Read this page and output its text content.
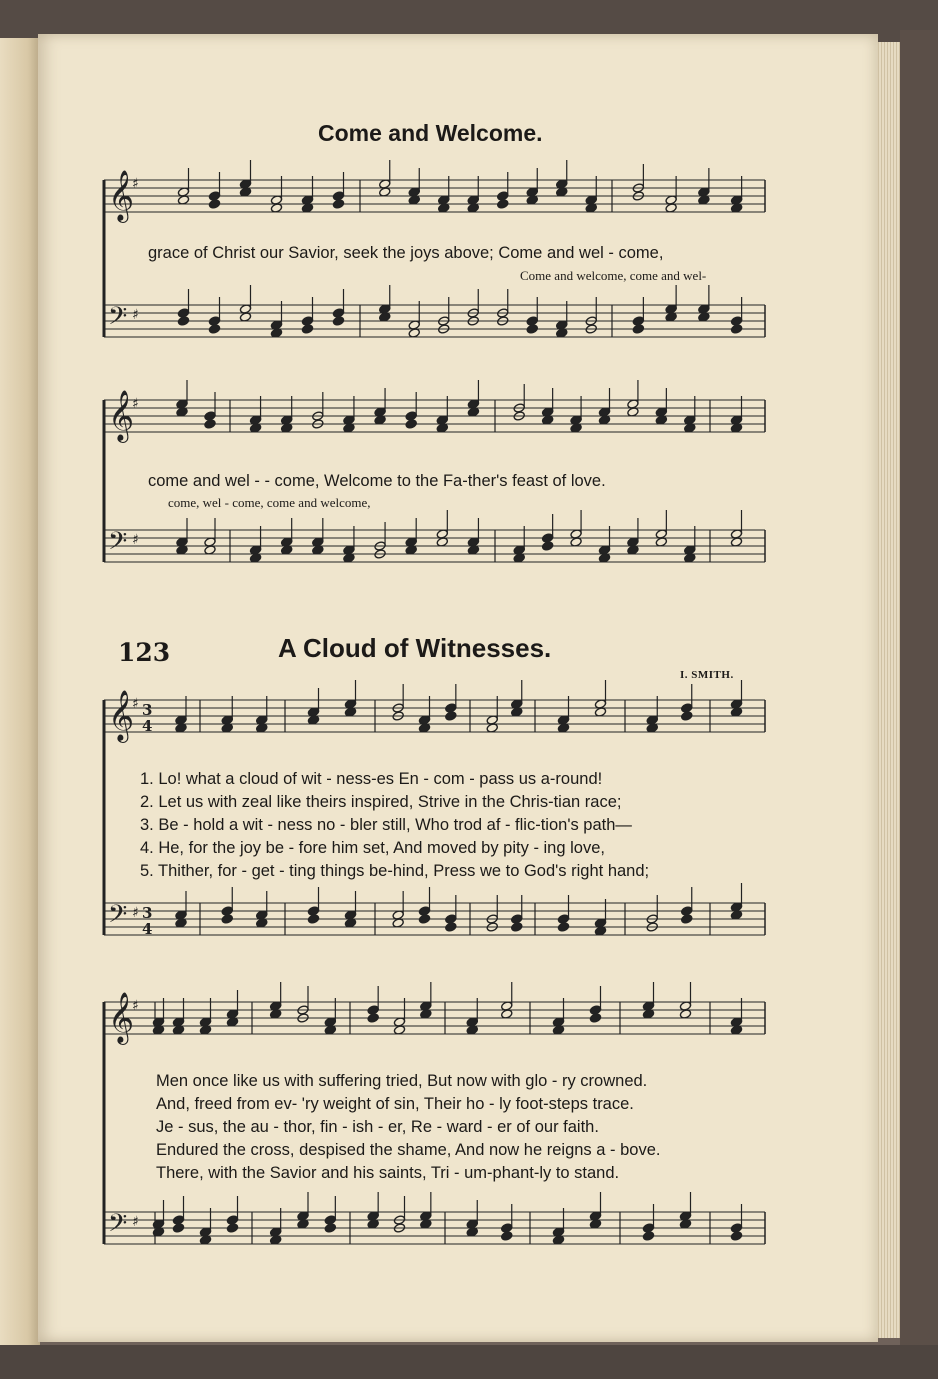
Come and Welcome.
𝄞
♯
𝄢 ♯
grace of Christ our Savior, seek the joys above; Come and wel - come,
Come and welcome, come and wel-
𝄞
♯
𝄢 ♯
come and wel - - come, Welcome to the Fa-ther's feast of love.
come, wel - come, come and welcome,
123	A Cloud of Witnesses.
I. SMITH.
𝄞
♯ 3
4
𝄢 ♯ 3
4
1. Lo! what a cloud of wit - ness-es En - com - pass us a-round!
2. Let us with zeal like theirs inspired, Strive in the Chris-tian race;
3. Be - hold a wit - ness no - bler still, Who trod af - flic-tion's path—
4. He, for the joy be - fore him set, And moved by pity - ing love,
5. Thither, for - get - ting things be-hind, Press we to God's right hand;
𝄞
♯
𝄢 ♯
Men once like us with suffering tried, But now with glo - ry crowned.
And, freed from ev- 'ry weight of sin, Their ho - ly foot-steps trace.
Je - sus, the au - thor, fin - ish - er, Re - ward - er of our faith.
Endured the cross, despised the shame, And now he reigns a - bove.
There, with the Savior and his saints, Tri - um-phant-ly to stand.
